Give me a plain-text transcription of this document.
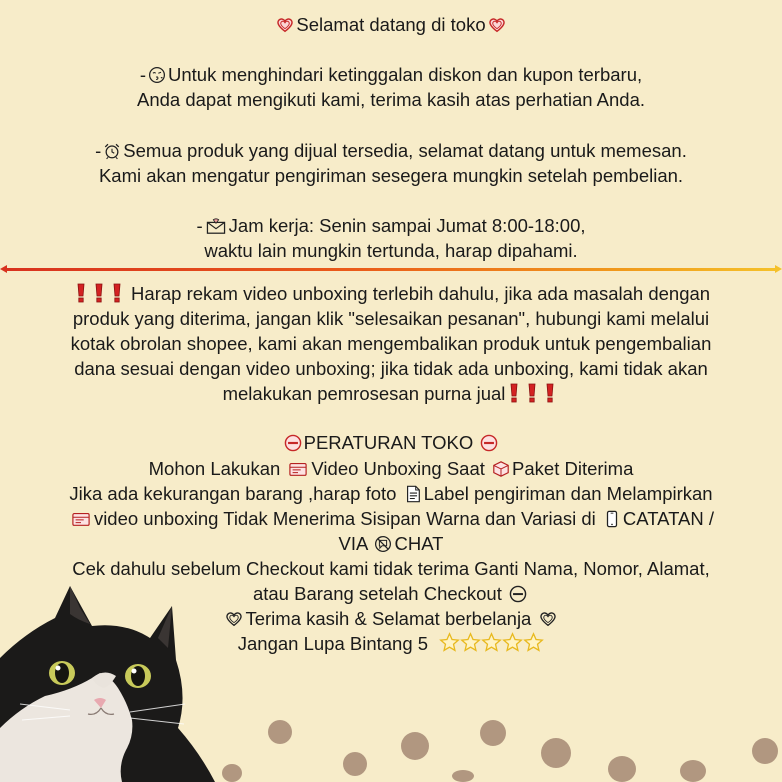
Selamat datang di toko
- Untuk menghindari ketinggalan diskon dan kupon terbaru,
Anda dapat mengikuti kami, terima kasih atas perhatian Anda.
- Semua produk yang dijual tersedia, selamat datang untuk memesan.
Kami akan mengatur pengiriman sesegera mungkin setelah pembelian.
- Jam kerja: Senin sampai Jumat 8:00-18:00,
waktu lain mungkin tertunda, harap dipahami.
Harap rekam video unboxing terlebih dahulu, jika ada masalah dengan
produk yang diterima, jangan klik "selesaikan pesanan", hubungi kami melalui
kotak obrolan shopee, kami akan mengembalikan produk untuk pengembalian
dana sesuai dengan video unboxing; jika tidak ada unboxing, kami tidak akan
melakukan pemrosesan purna jual
PERATURAN TOKO
Mohon Lakukan Video Unboxing Saat Paket Diterima
Jika ada kekurangan barang ,harap foto Label pengiriman dan Melampirkan
video unboxing Tidak Menerima Sisipan Warna dan Variasi di CATATAN /
VIA CHAT
Cek dahulu sebelum Checkout kami tidak terima Ganti Nama, Nomor, Alamat,
atau Barang setelah Checkout
Terima kasih & Selamat berbelanja
Jangan Lupa Bintang 5
